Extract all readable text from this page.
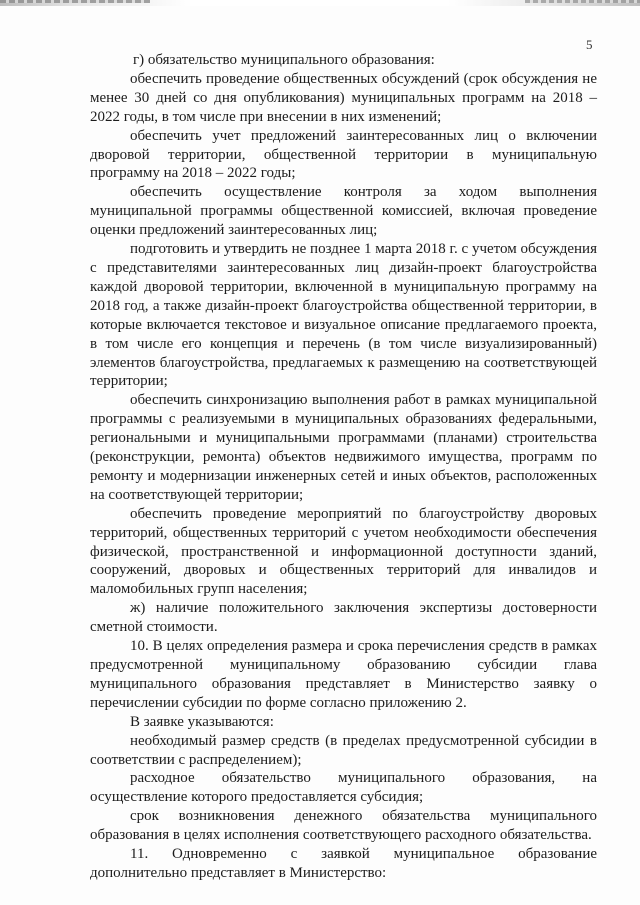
5

г) обязательство муниципального образования:

обеспечить проведение общественных обсуждений (срок обсуждения не менее 30 дней со дня опубликования) муниципальных программ на 2018 – 2022 годы, в том числе при внесении в них изменений;

обеспечить учет предложений заинтересованных лиц о включении дворовой территории, общественной территории в муниципальную программу на 2018 – 2022 годы;

обеспечить осуществление контроля за ходом выполнения муниципальной программы общественной комиссией, включая проведение оценки предложений заинтересованных лиц;

подготовить и утвердить не позднее 1 марта 2018 г. с учетом обсуждения с представителями заинтересованных лиц дизайн-проект благоустройства каждой дворовой территории, включенной в муниципальную программу на 2018 год, а также дизайн-проект благоустройства общественной территории, в которые включается текстовое и визуальное описание предлагаемого проекта, в том числе его концепция и перечень (в том числе визуализированный) элементов благоустройства, предлагаемых к размещению на соответствующей территории;

обеспечить синхронизацию выполнения работ в рамках муниципальной программы с реализуемыми в муниципальных образованиях федеральными, региональными и муниципальными программами (планами) строительства (реконструкции, ремонта) объектов недвижимого имущества, программ по ремонту и модернизации инженерных сетей и иных объектов, расположенных на соответствующей территории;

обеспечить проведение мероприятий по благоустройству дворовых территорий, общественных территорий с учетом необходимости обеспечения физической, пространственной и информационной доступности зданий, сооружений, дворовых и общественных территорий для инвалидов и маломобильных групп населения;

ж) наличие положительного заключения экспертизы достоверности сметной стоимости.

10. В целях определения размера и срока перечисления средств в рамках предусмотренной муниципальному образованию субсидии глава муниципального образования представляет в Министерство заявку о перечислении субсидии по форме согласно приложению 2.

В заявке указываются:

необходимый размер средств (в пределах предусмотренной субсидии в соответствии с распределением);

расходное обязательство муниципального образования, на осуществление которого предоставляется субсидия;

срок возникновения денежного обязательства муниципального образования в целях исполнения соответствующего расходного обязательства.

11. Одновременно с заявкой муниципальное образование дополнительно представляет в Министерство:
